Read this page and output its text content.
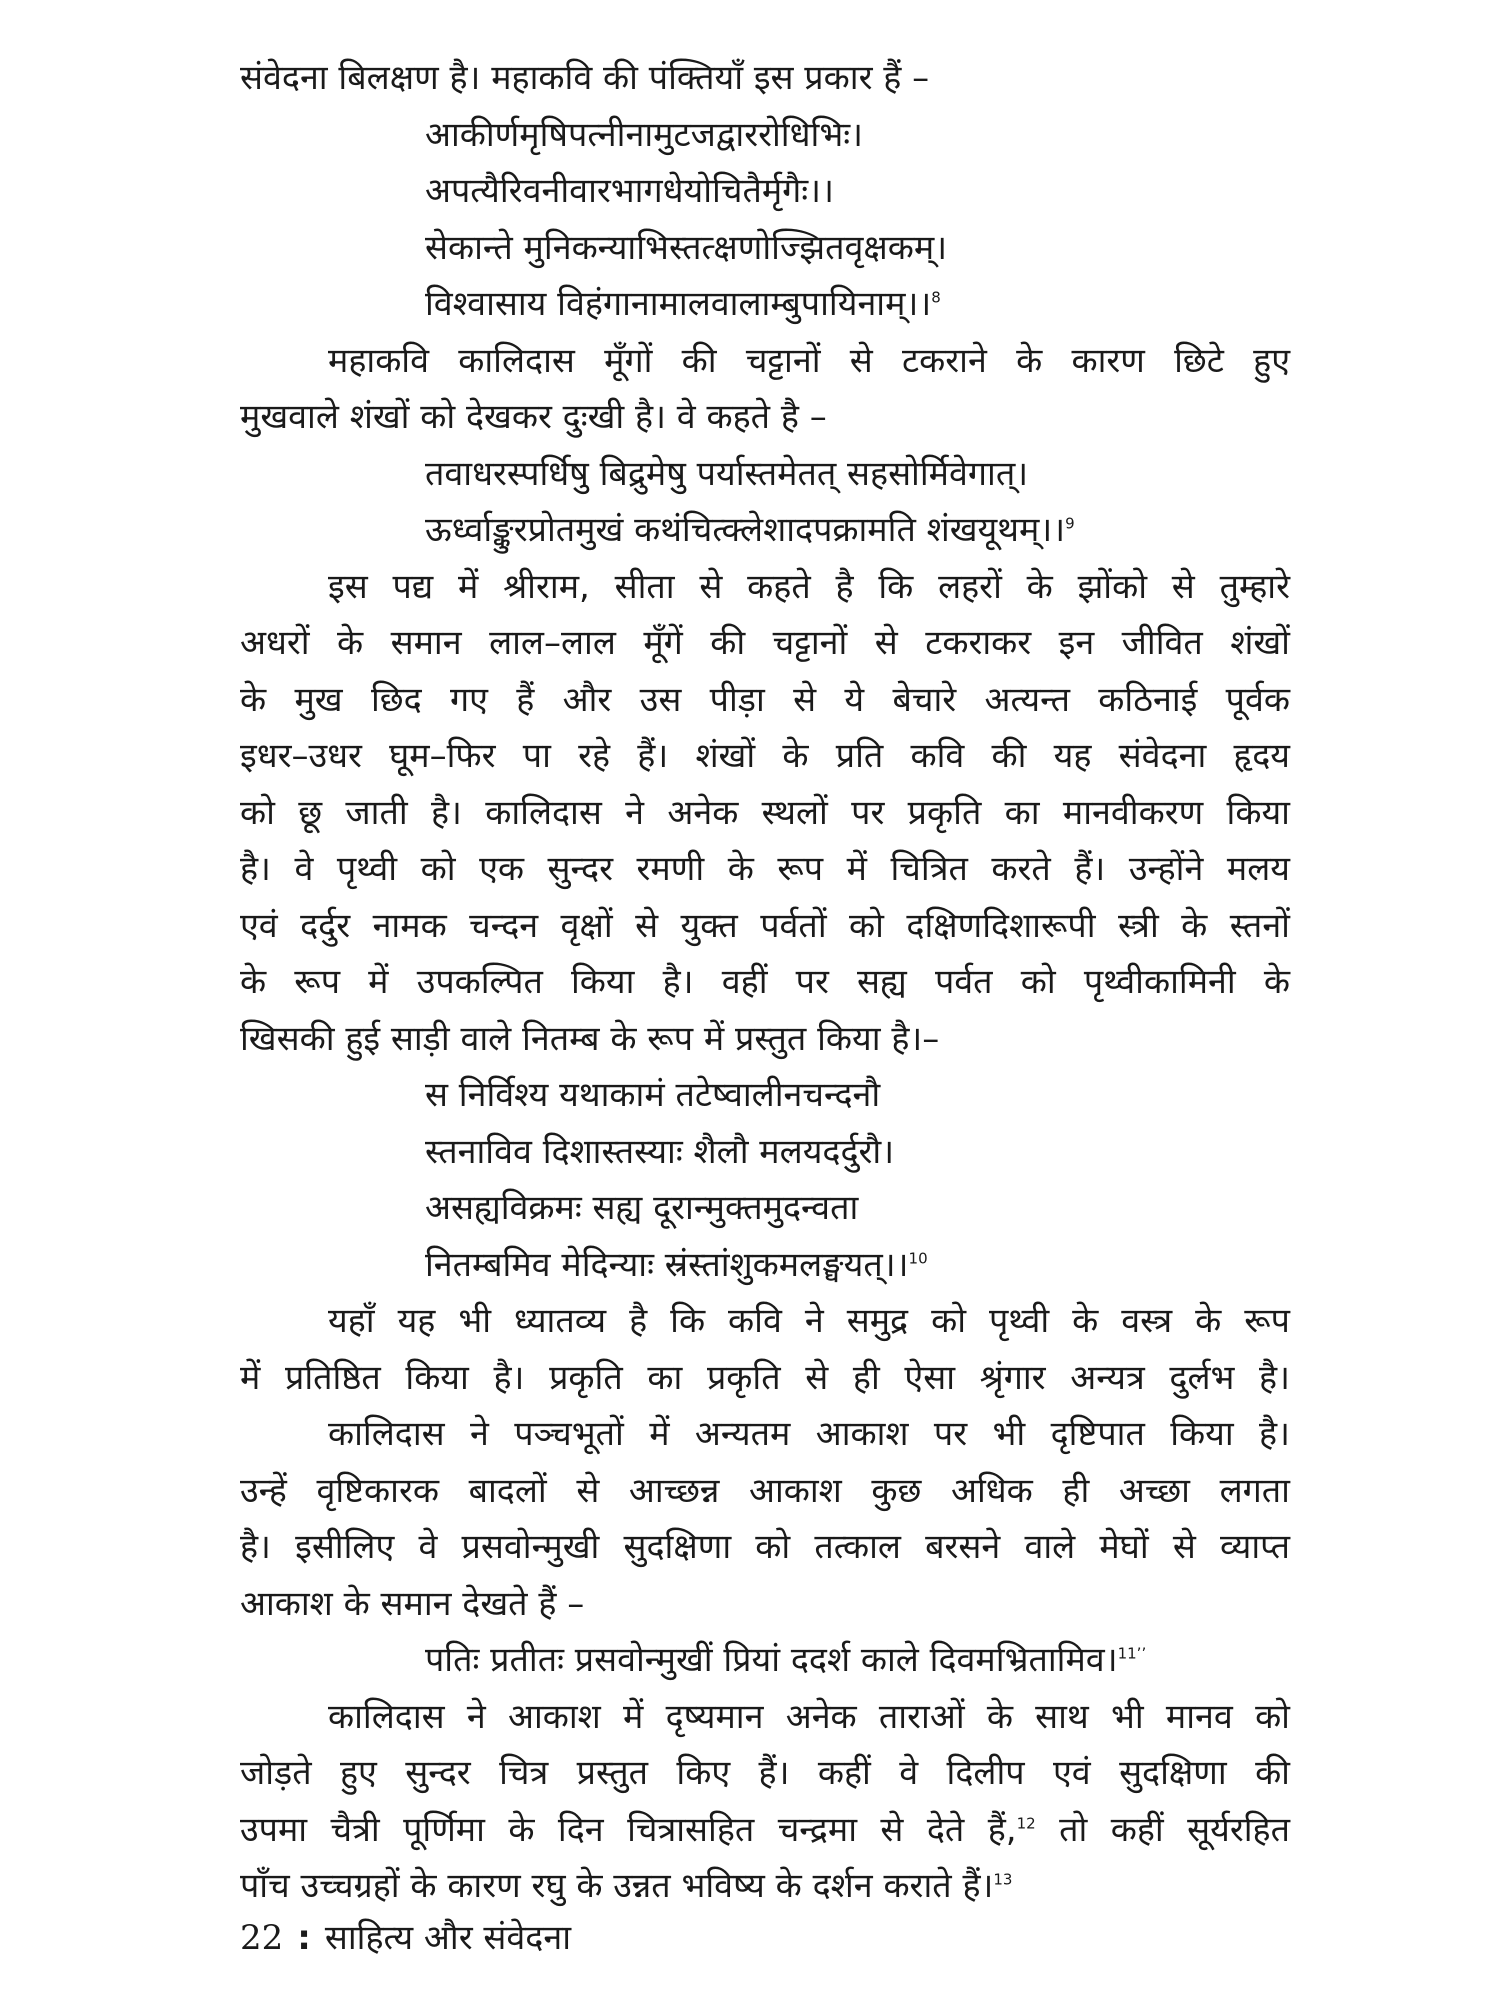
संवेदना बिलक्षण है। महाकवि की पंक्तियाँ इस प्रकार हैं –
आकीर्णमृषिपत्नीनामुटजद्वाररोधिभिः।
अपत्यैरिवनीवारभागधेयोचितैर्मृगैः।।
सेकान्ते मुनिकन्याभिस्तत्क्षणोज्झितवृक्षकम्।
विश्वासाय विहंगानामालवालाम्बुपायिनाम्।।$^8$
महाकवि कालिदास मूँगों की चट्टानों से टकराने के कारण छिटे हुए
मुखवाले शंखों को देखकर दुःखी है। वे कहते है –
तवाधरस्पर्धिषु बिद्रुमेषु पर्यास्तमेतत् सहसोर्मिवेगात्।
ऊर्ध्वाङ्कुरप्रोतमुखं कथंचित्क्लेशादपक्रामति शंखयूथम्।।$^9$
इस पद्य में श्रीराम, सीता से कहते है कि लहरों के झोंको से तुम्हारे
अधरों के समान लाल–लाल मूँगें की चट्टानों से टकराकर इन जीवित शंखों
के मुख छिद गए हैं और उस पीड़ा से ये बेचारे अत्यन्त कठिनाई पूर्वक
इधर–उधर घूम–फिर पा रहे हैं। शंखों के प्रति कवि की यह संवेदना हृदय
को छू जाती है। कालिदास ने अनेक स्थलों पर प्रकृति का मानवीकरण किया
है। वे पृथ्वी को एक सुन्दर रमणी के रूप में चित्रित करते हैं। उन्होंने मलय
एवं दर्दुर नामक चन्दन वृक्षों से युक्त पर्वतों को दक्षिणदिशारूपी स्त्री के स्तनों
के रूप में उपकल्पित किया है। वहीं पर सह्य पर्वत को पृथ्वीकामिनी के
खिसकी हुई साड़ी वाले नितम्ब के रूप में प्रस्तुत किया है।–
स निर्विश्य यथाकामं तटेष्वालीनचन्दनौ
स्तनाविव दिशास्तस्याः शैलौ मलयदर्दुरौ।
असह्यविक्रमः सह्य दूरान्मुक्तमुदन्वता
नितम्बमिव मेदिन्याः स्रंस्तांशुकमलङ्घयत्।।$^{10}$
यहाँ यह भी ध्यातव्य है कि कवि ने समुद्र को पृथ्वी के वस्त्र के रूप
में प्रतिष्ठित किया है। प्रकृति का प्रकृति से ही ऐसा श्रृंगार अन्यत्र दुर्लभ है।
कालिदास ने पञ्चभूतों में अन्यतम आकाश पर भी दृष्टिपात किया है।
उन्हें वृष्टिकारक बादलों से आच्छन्न आकाश कुछ अधिक ही अच्छा लगता
है। इसीलिए वे प्रसवोन्मुखी सुदक्षिणा को तत्काल बरसने वाले मेघों से व्याप्त
आकाश के समान देखते हैं –
पतिः प्रतीतः प्रसवोन्मुखीं प्रियां ददर्श काले दिवमभ्रितामिव।$^{11’’}$
कालिदास ने आकाश में दृष्यमान अनेक ताराओं के साथ भी मानव को
जोड़ते हुए सुन्दर चित्र प्रस्तुत किए हैं। कहीं वे दिलीप एवं सुदक्षिणा की
उपमा चैत्री पूर्णिमा के दिन चित्रासहित चन्द्रमा से देते हैं,$^{12}$ तो कहीं सूर्यरहित
पाँच उच्चग्रहों के कारण रघु के उन्नत भविष्य के दर्शन कराते हैं।$^{13}$
22 : साहित्य और संवेदना
